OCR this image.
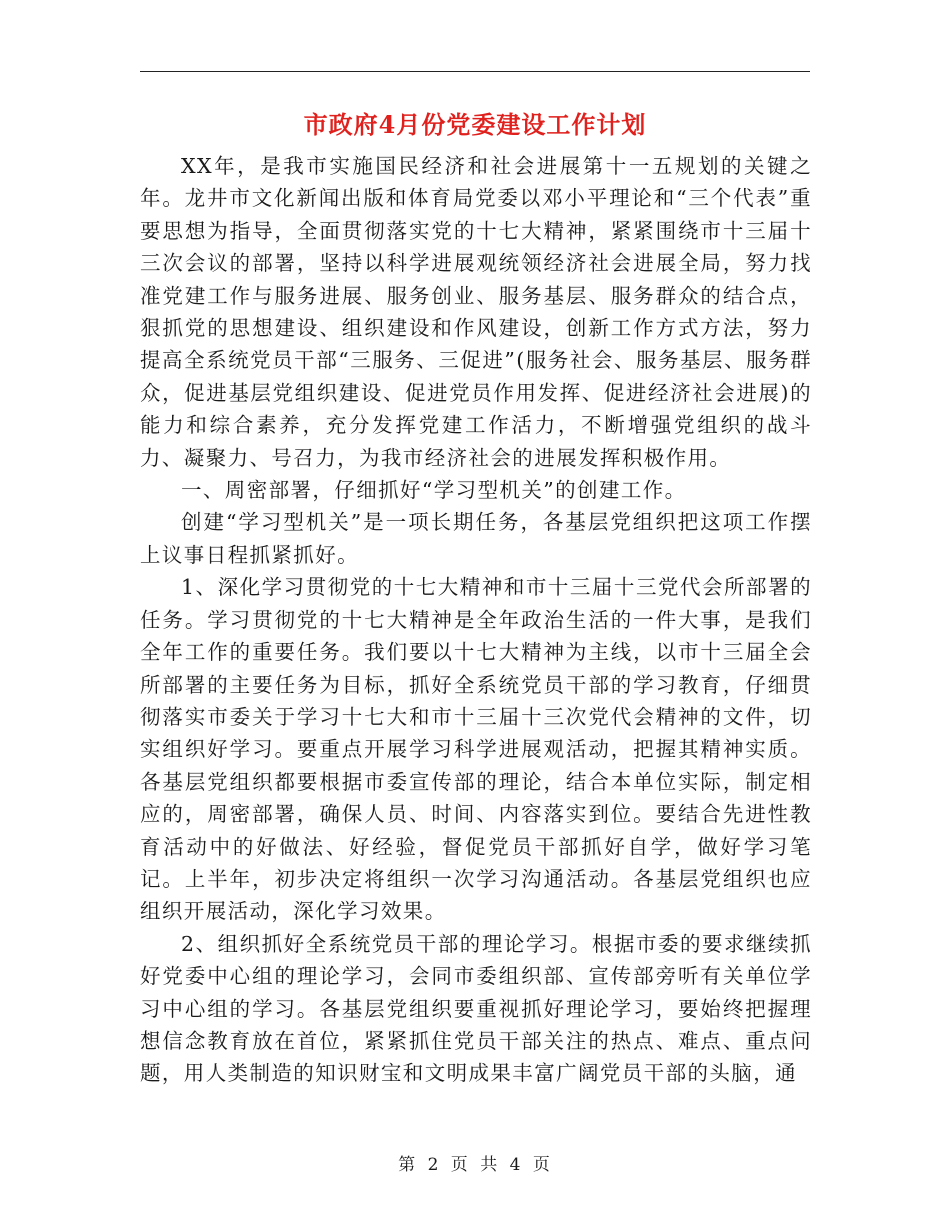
市政府4月份党委建设工作计划

XX年，是我市实施国民经济和社会进展第十一五规划的关键之年。龙井市文化新闻出版和体育局党委以邓小平理论和“三个代表”重要思想为指导，全面贯彻落实党的十七大精神，紧紧围绕市十三届十三次会议的部署，坚持以科学进展观统领经济社会进展全局，努力找准党建工作与服务进展、服务创业、服务基层、服务群众的结合点，狠抓党的思想建设、组织建设和作风建设，创新工作方式方法，努力提高全系统党员干部“三服务、三促进”(服务社会、服务基层、服务群众，促进基层党组织建设、促进党员作用发挥、促进经济社会进展)的能力和综合素养，充分发挥党建工作活力，不断增强党组织的战斗力、凝聚力、号召力，为我市经济社会的进展发挥积极作用。

一、周密部署，仔细抓好“学习型机关”的创建工作。

创建“学习型机关”是一项长期任务，各基层党组织把这项工作摆上议事日程抓紧抓好。

1、深化学习贯彻党的十七大精神和市十三届十三党代会所部署的任务。学习贯彻党的十七大精神是全年政治生活的一件大事，是我们全年工作的重要任务。我们要以十七大精神为主线，以市十三届全会所部署的主要任务为目标，抓好全系统党员干部的学习教育，仔细贯彻落实市委关于学习十七大和市十三届十三次党代会精神的文件，切实组织好学习。要重点开展学习科学进展观活动，把握其精神实质。各基层党组织都要根据市委宣传部的理论，结合本单位实际，制定相应的，周密部署，确保人员、时间、内容落实到位。要结合先进性教育活动中的好做法、好经验，督促党员干部抓好自学，做好学习笔记。上半年，初步决定将组织一次学习沟通活动。各基层党组织也应组织开展活动，深化学习效果。

2、组织抓好全系统党员干部的理论学习。根据市委的要求继续抓好党委中心组的理论学习，会同市委组织部、宣传部旁听有关单位学习中心组的学习。各基层党组织要重视抓好理论学习，要始终把握理想信念教育放在首位，紧紧抓住党员干部关注的热点、难点、重点问题，用人类制造的知识财宝和文明成果丰富广阔党员干部的头脑，通

第 2 页 共 4 页
